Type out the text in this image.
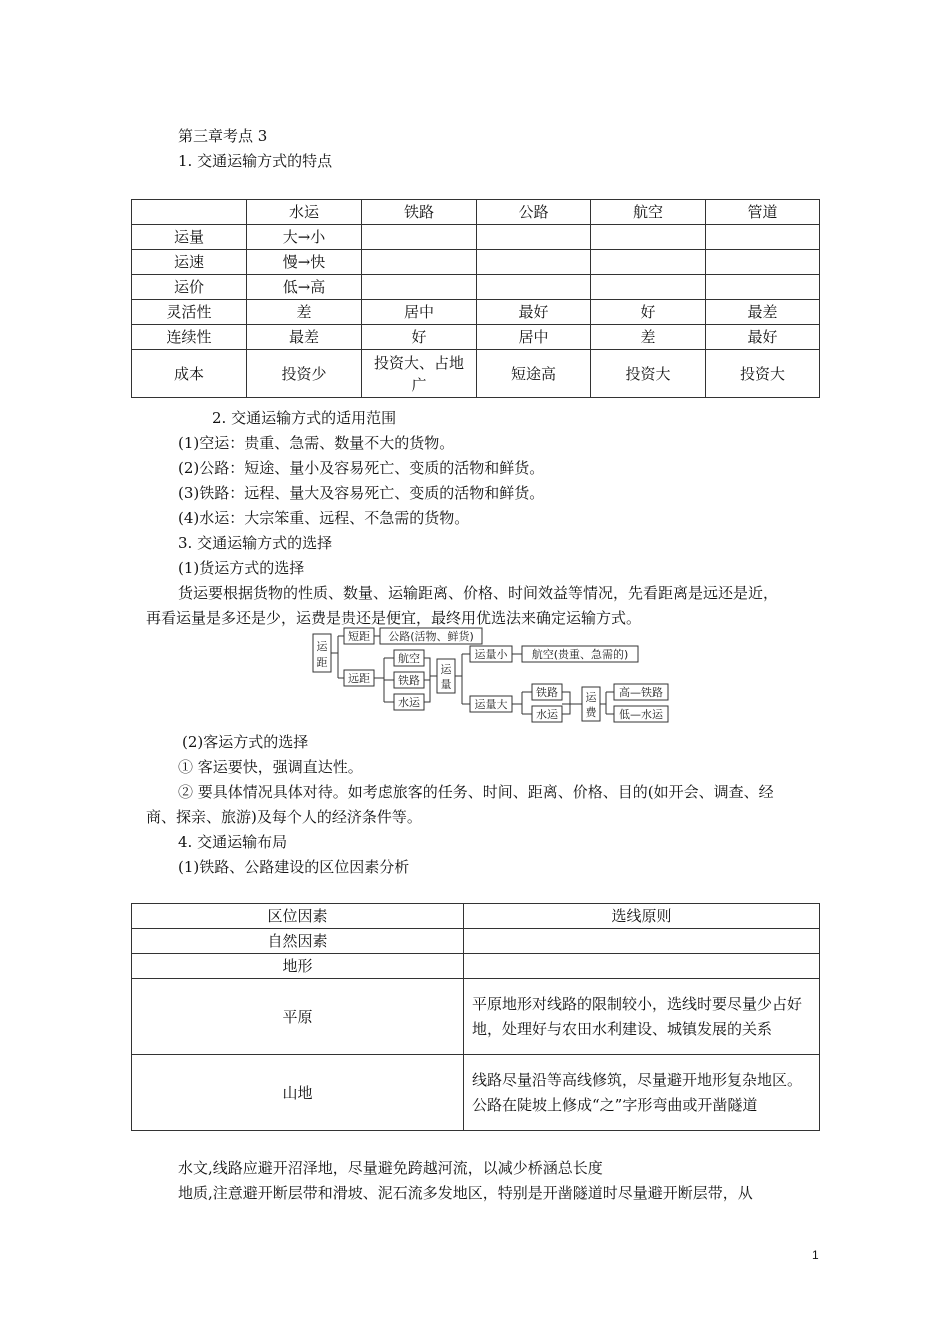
第三章考点 3
1. 交通运输方式的特点
	水运	铁路	公路	航空	管道
运量	大→小				
运速	慢→快				
运价	低→高				
灵活性	差	居中	最好	好	最差
连续性	最差	好	居中	差	最好
成本	投资少	投资大、占地广	短途高	投资大	投资大
2. 交通运输方式的适用范围
(1)空运：贵重、急需、数量不大的货物。
(2)公路：短途、量小及容易死亡、变质的活物和鲜货。
(3)铁路：远程、量大及容易死亡、变质的活物和鲜货。
(4)水运：大宗笨重、远程、不急需的货物。
3. 交通运输方式的选择
(1)货运方式的选择
货运要根据货物的性质、数量、运输距离、价格、时间效益等情况，先看距离是远还是近，
再看运量是多还是少，运费是贵还是便宜，最终用优选法来确定运输方式。
运
距
短距 公路(活物、鲜货)
远距
航空
铁路
水运
运
量
运量小 航空(贵重、急需的)
运量大
铁路
水运
运
费
高—铁路
低—水运
(2)客运方式的选择
① 客运要快，强调直达性。
② 要具体情况具体对待。如考虑旅客的任务、时间、距离、价格、目的(如开会、调查、经
商、探亲、旅游)及每个人的经济条件等。
4. 交通运输布局
(1)铁路、公路建设的区位因素分析
区位因素	选线原则
自然因素	
地形	
平原	平原地形对线路的限制较小，选线时要尽量少占好地，处理好与农田水利建设、城镇发展的关系
山地	线路尽量沿等高线修筑，尽量避开地形复杂地区。公路在陡坡上修成“之”字形弯曲或开凿隧道
水文,线路应避开沼泽地，尽量避免跨越河流，以减少桥涵总长度
地质,注意避开断层带和滑坡、泥石流多发地区，特别是开凿隧道时尽量避开断层带，从
1
